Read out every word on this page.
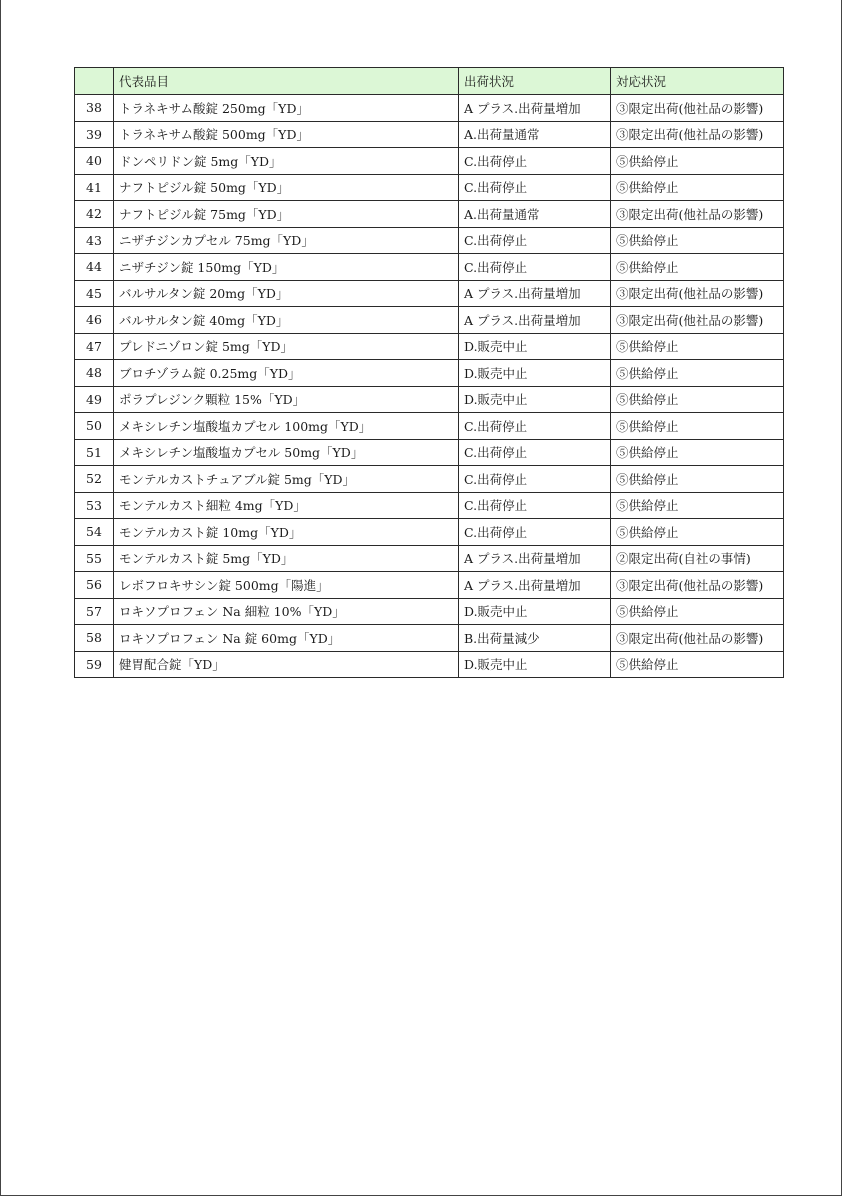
	代表品目	出荷状況	対応状況
38	トラネキサム酸錠 250mg「YD」	A プラス.出荷量増加	③限定出荷(他社品の影響)
39	トラネキサム酸錠 500mg「YD」	A.出荷量通常	③限定出荷(他社品の影響)
40	ドンペリドン錠 5mg「YD」	C.出荷停止	⑤供給停止
41	ナフトピジル錠 50mg「YD」	C.出荷停止	⑤供給停止
42	ナフトピジル錠 75mg「YD」	A.出荷量通常	③限定出荷(他社品の影響)
43	ニザチジンカプセル 75mg「YD」	C.出荷停止	⑤供給停止
44	ニザチジン錠 150mg「YD」	C.出荷停止	⑤供給停止
45	バルサルタン錠 20mg「YD」	A プラス.出荷量増加	③限定出荷(他社品の影響)
46	バルサルタン錠 40mg「YD」	A プラス.出荷量増加	③限定出荷(他社品の影響)
47	プレドニゾロン錠 5mg「YD」	D.販売中止	⑤供給停止
48	ブロチゾラム錠 0.25mg「YD」	D.販売中止	⑤供給停止
49	ポラプレジンク顆粒 15%「YD」	D.販売中止	⑤供給停止
50	メキシレチン塩酸塩カプセル 100mg「YD」	C.出荷停止	⑤供給停止
51	メキシレチン塩酸塩カプセル 50mg「YD」	C.出荷停止	⑤供給停止
52	モンテルカストチュアブル錠 5mg「YD」	C.出荷停止	⑤供給停止
53	モンテルカスト細粒 4mg「YD」	C.出荷停止	⑤供給停止
54	モンテルカスト錠 10mg「YD」	C.出荷停止	⑤供給停止
55	モンテルカスト錠 5mg「YD」	A プラス.出荷量増加	②限定出荷(自社の事情)
56	レボフロキサシン錠 500mg「陽進」	A プラス.出荷量増加	③限定出荷(他社品の影響)
57	ロキソプロフェン Na 細粒 10%「YD」	D.販売中止	⑤供給停止
58	ロキソプロフェン Na 錠 60mg「YD」	B.出荷量減少	③限定出荷(他社品の影響)
59	健胃配合錠「YD」	D.販売中止	⑤供給停止
